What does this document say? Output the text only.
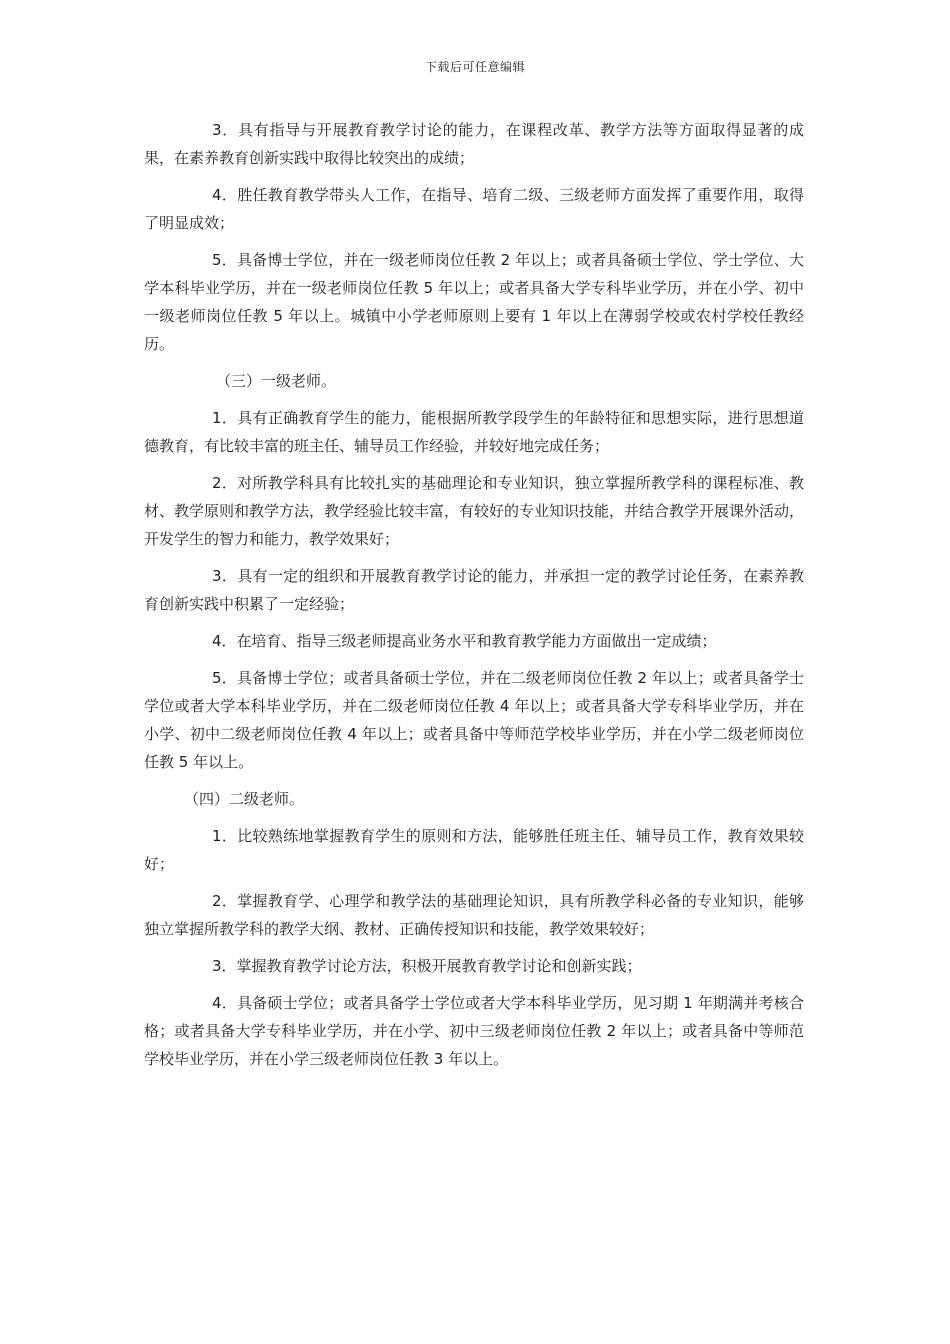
下载后可任意编辑

3．具有指导与开展教育教学讨论的能力，在课程改革、教学方法等方面取得显著的成果，在素养教育创新实践中取得比较突出的成绩；

4．胜任教育教学带头人工作，在指导、培育二级、三级老师方面发挥了重要作用，取得了明显成效；

5．具备博士学位，并在一级老师岗位任教 2 年以上；或者具备硕士学位、学士学位、大学本科毕业学历，并在一级老师岗位任教 5 年以上；或者具备大学专科毕业学历，并在小学、初中一级老师岗位任教 5 年以上。城镇中小学老师原则上要有 1 年以上在薄弱学校或农村学校任教经历。

（三）一级老师。

1．具有正确教育学生的能力，能根据所教学段学生的年龄特征和思想实际，进行思想道德教育，有比较丰富的班主任、辅导员工作经验，并较好地完成任务；

2．对所教学科具有比较扎实的基础理论和专业知识，独立掌握所教学科的课程标准、教材、教学原则和教学方法，教学经验比较丰富，有较好的专业知识技能，并结合教学开展课外活动，开发学生的智力和能力，教学效果好；

3．具有一定的组织和开展教育教学讨论的能力，并承担一定的教学讨论任务，在素养教育创新实践中积累了一定经验；

4．在培育、指导三级老师提高业务水平和教育教学能力方面做出一定成绩；

5．具备博士学位；或者具备硕士学位，并在二级老师岗位任教 2 年以上；或者具备学士学位或者大学本科毕业学历，并在二级老师岗位任教 4 年以上；或者具备大学专科毕业学历，并在小学、初中二级老师岗位任教 4 年以上；或者具备中等师范学校毕业学历，并在小学二级老师岗位任教 5 年以上。

（四）二级老师。

1．比较熟练地掌握教育学生的原则和方法，能够胜任班主任、辅导员工作，教育效果较好；

2．掌握教育学、心理学和教学法的基础理论知识，具有所教学科必备的专业知识，能够独立掌握所教学科的教学大纲、教材、正确传授知识和技能，教学效果较好；

3．掌握教育教学讨论方法，积极开展教育教学讨论和创新实践；

4．具备硕士学位；或者具备学士学位或者大学本科毕业学历，见习期 1 年期满并考核合格；或者具备大学专科毕业学历，并在小学、初中三级老师岗位任教 2 年以上；或者具备中等师范学校毕业学历，并在小学三级老师岗位任教 3 年以上。
